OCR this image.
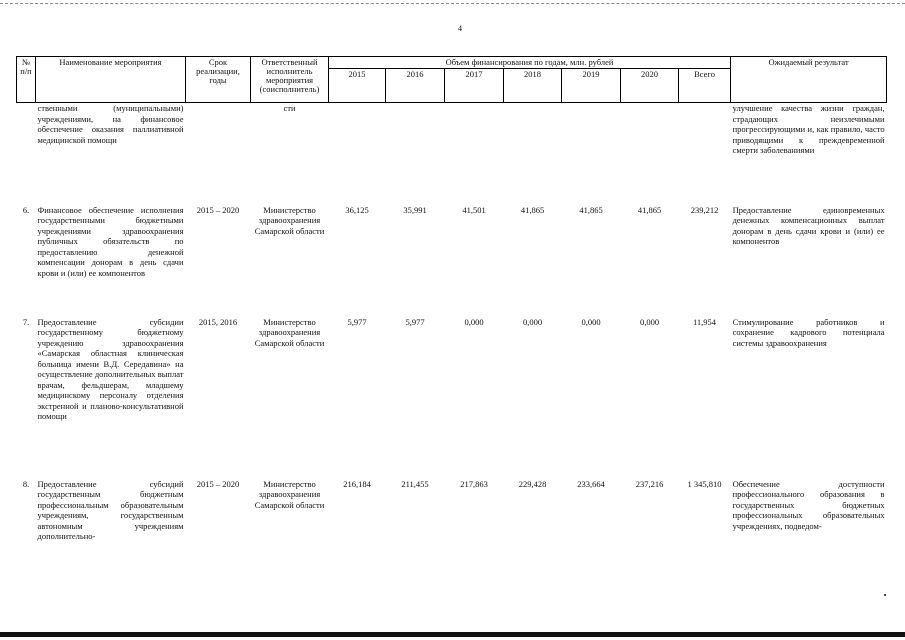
4
№ п/п	Наименование мероприятия	Срок реализации, годы	Ответственный исполнитель мероприятия (соисполнитель)	Объем финансирования по годам, млн. рублей							Ожидаемый результат
				2015	2016	2017	2018	2019	2020	Всего	
	ственными (муниципальными) учреждениями, на финансовое обеспечение оказания паллиативной медицинской помощи		сти								улучшение качества жизни граждан, страдающих неизлечимыми прогрессирующими и, как правило, часто приводящими к преждевременной смерти заболеваниями
6.	Финансовое обеспечение исполнения государственными бюджетными учреждениями здравоохранения публичных обязательств по предоставлению денежной компенсации донорам в день сдачи крови и (или) ее компонентов	2015 – 2020	Министерство здравоохранения Самарской области	36,125	35,991	41,501	41,865	41,865	41,865	239,212	Предоставление единовременных денежных компенсационных выплат донорам в день сдачи крови и (или) ее компонентов
7.	Предоставление субсидии государственному бюджетному учреждению здравоохранения «Самарская областная клиническая больница имени В.Д. Середавина» на осуществление дополнительных выплат врачам, фельдшерам, младшему медицинскому персоналу отделения экстренной и планово-консультативной помощи	2015, 2016	Министерство здравоохранения Самарской области	5,977	5,977	0,000	0,000	0,000	0,000	11,954	Стимулирование работников и сохранение кадрового потенциала системы здравоохранения
8.	Предоставление субсидий государственным бюджетным профессиональным образовательным учреждениям, государственным автономным учреждениям дополнительно-	2015 – 2020	Министерство здравоохранения Самарской области	216,184	211,455	217,863	229,428	233,664	237,216	1 345,810	Обеспечение доступности профессионального образования в государственных бюджетных профессиональных образовательных учреждениях, подведом-
